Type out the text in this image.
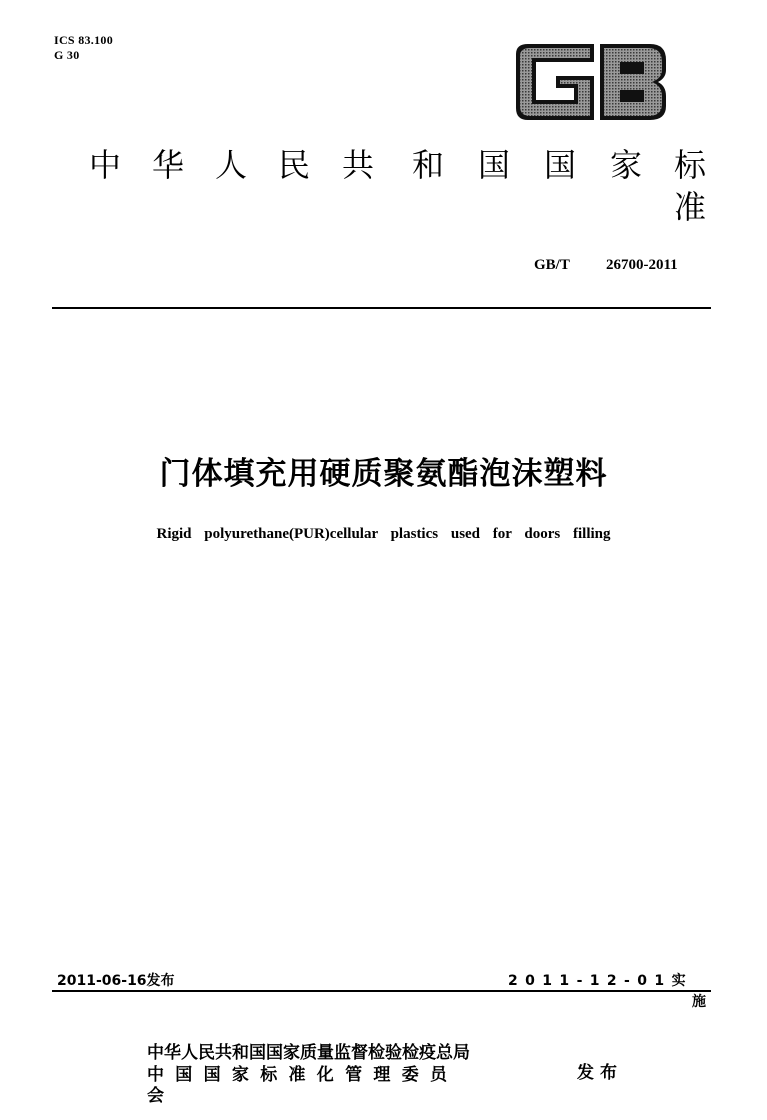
ICS 83.100
G 30
中 华 人 民 共 和 国 国 家 标
准
GB/T 26700-2011
门体填充用硬质聚氨酯泡沫塑料
Rigid polyurethane(PUR)cellular plastics used for doors filling
2011-06-16发布	2011-12-01实
施
中华人民共和国国家质量监督检验检疫总局
中国国家标准化管理委员
会
发布
